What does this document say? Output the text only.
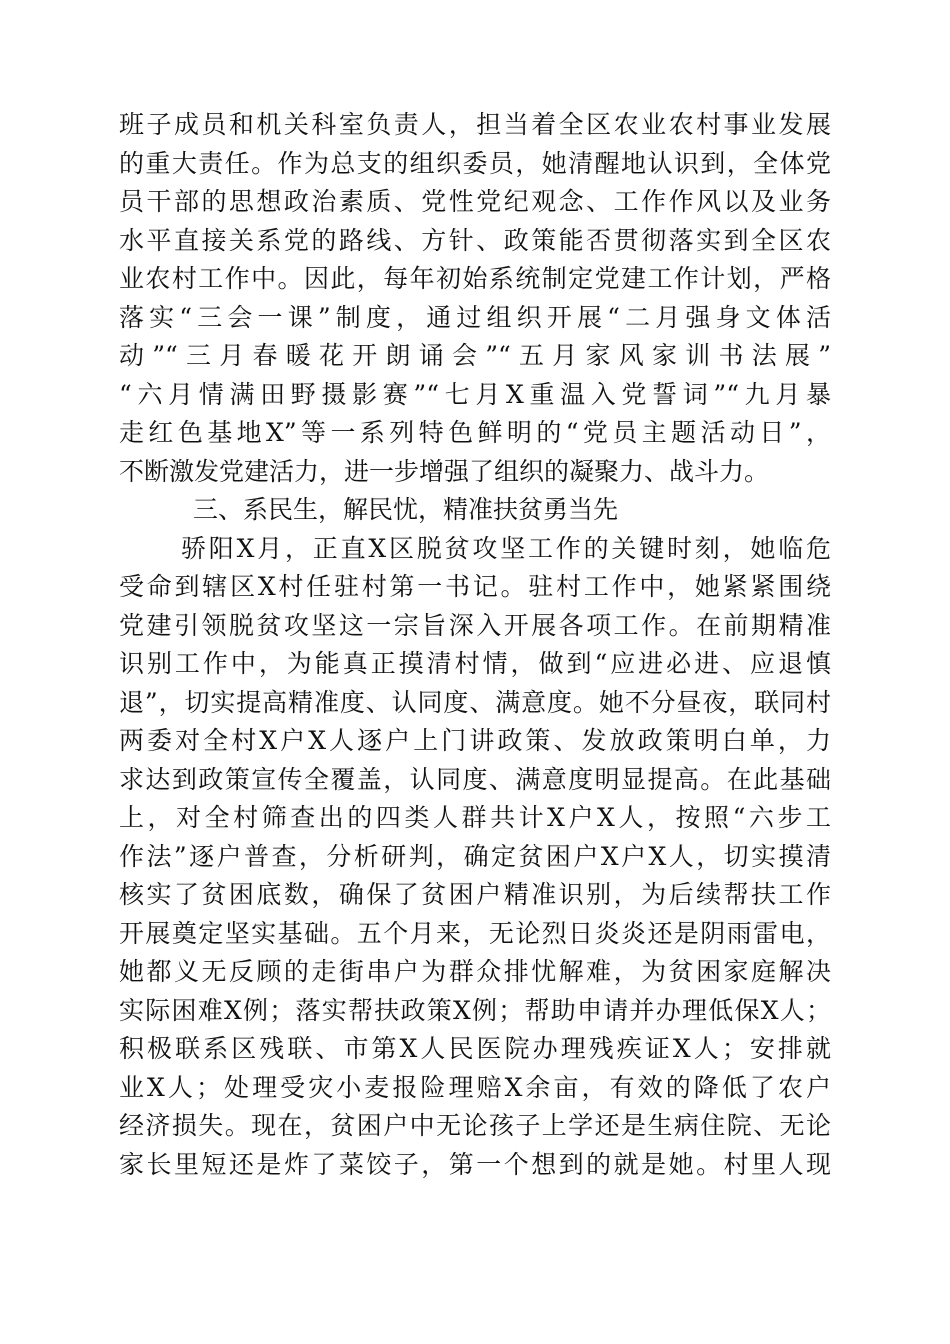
班子成员和机关科室负责人，担当着全区农业农村事业发展
的重大责任。作为总支的组织委员，她清醒地认识到，全体党
员干部的思想政治素质、党性党纪观念、工作作风以及业务
水平直接关系党的路线、方针、政策能否贯彻落实到全区农
业农村工作中。因此，每年初始系统制定党建工作计划，严格
落实“三会一课”制度，通过组织开展“二月强身文体活
动”“三月春暖花开朗诵会”“五月家风家训书法展”
“六月情满田野摄影赛”“七月X重温入党誓词”“九月暴
走红色基地X”等一系列特色鲜明的“党员主题活动日”，
不断激发党建活力，进一步增强了组织的凝聚力、战斗力。
三、系民生，解民忧，精准扶贫勇当先
骄阳X月，正直X区脱贫攻坚工作的关键时刻，她临危
受命到辖区X村任驻村第一书记。驻村工作中，她紧紧围绕
党建引领脱贫攻坚这一宗旨深入开展各项工作。在前期精准
识别工作中，为能真正摸清村情，做到“应进必进、应退慎
退”，切实提高精准度、认同度、满意度。她不分昼夜，联同村
两委对全村X户X人逐户上门讲政策、发放政策明白单，力
求达到政策宣传全覆盖，认同度、满意度明显提高。在此基础
上，对全村筛查出的四类人群共计X户X人，按照“六步工
作法”逐户普查，分析研判，确定贫困户X户X人，切实摸清
核实了贫困底数，确保了贫困户精准识别，为后续帮扶工作
开展奠定坚实基础。五个月来，无论烈日炎炎还是阴雨雷电，
她都义无反顾的走街串户为群众排忧解难，为贫困家庭解决
实际困难X例；落实帮扶政策X例；帮助申请并办理低保X人；
积极联系区残联、市第X人民医院办理残疾证X人；安排就
业X人；处理受灾小麦报险理赔X余亩，有效的降低了农户
经济损失。现在，贫困户中无论孩子上学还是生病住院、无论
家长里短还是炸了菜饺子，第一个想到的就是她。村里人现
